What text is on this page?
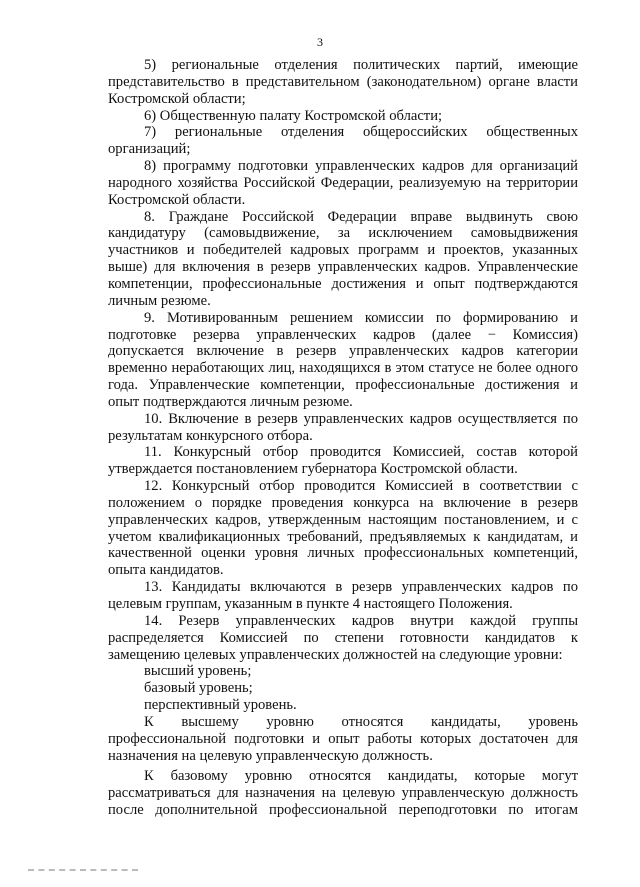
3

5) региональные отделения политических партий, имеющие представительство в представительном (законодательном) органе власти Костромской области;

6) Общественную палату Костромской области;

7) региональные отделения общероссийских общественных организаций;

8) программу подготовки управленческих кадров для организаций народного хозяйства Российской Федерации, реализуемую на территории Костромской области.

8. Граждане Российской Федерации вправе выдвинуть свою кандидатуру (самовыдвижение, за исключением самовыдвижения участников и победителей кадровых программ и проектов, указанных выше) для включения в резерв управленческих кадров. Управленческие компетенции, профессиональные достижения и опыт подтверждаются личным резюме.

9. Мотивированным решением комиссии по формированию и подготовке резерва управленческих кадров (далее − Комиссия) допускается включение в резерв управленческих кадров категории временно неработающих лиц, находящихся в этом статусе не более одного года. Управленческие компетенции, профессиональные достижения и опыт подтверждаются личным резюме.

10. Включение в резерв управленческих кадров осуществляется по результатам конкурсного отбора.

11. Конкурсный отбор проводится Комиссией, состав которой утверждается постановлением губернатора Костромской области.

12. Конкурсный отбор проводится Комиссией в соответствии с положением о порядке проведения конкурса на включение в резерв управленческих кадров, утвержденным настоящим постановлением, и с учетом квалификационных требований, предъявляемых к кандидатам, и качественной оценки уровня личных профессиональных компетенций, опыта кандидатов.

13. Кандидаты включаются в резерв управленческих кадров по целевым группам, указанным в пункте 4 настоящего Положения.

14. Резерв управленческих кадров внутри каждой группы распределяется Комиссией по степени готовности кандидатов к замещению целевых управленческих должностей на следующие уровни:

высший уровень;

базовый уровень;

перспективный уровень.

К высшему уровню относятся кандидаты, уровень профессиональной подготовки и опыт работы которых достаточен для назначения на целевую управленческую должность.

К базовому уровню относятся кандидаты, которые могут рассматриваться для назначения на целевую управленческую должность после дополнительной профессиональной переподготовки по итогам
